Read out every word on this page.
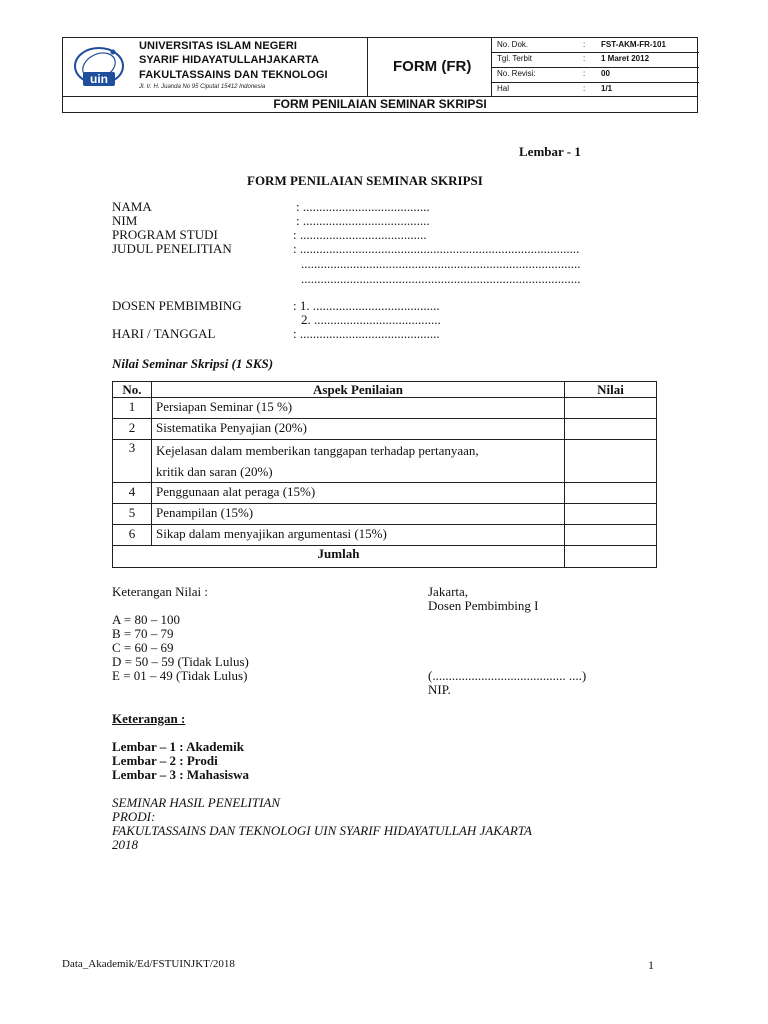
uin
UNIVERSITAS ISLAM NEGERI
SYARIF HIDAYATULLAHJAKARTA
FAKULTASSAINS DAN TEKNOLOGI
Jl. Ir. H. Juanda No 95 Ciputat 15412 Indonesia
FORM (FR)
No. Dok.	: FST-AKM-FR-101
Tgl. Terbit	: 1 Maret 2012
No. Revisi:	: 00
Hal	: 1/1
FORM PENILAIAN SEMINAR SKRIPSI
Lembar - 1
FORM PENILAIAN SEMINAR SKRIPSI
NAMA	: .......................................
NIM	: .......................................
PROGRAM STUDI	: .......................................
JUDUL PENELITIAN	: ......................................................................................
......................................................................................
......................................................................................
DOSEN PEMBIMBING	: 1. .......................................
2. .......................................
HARI / TANGGAL	: ...........................................
Nilai Seminar Skripsi (1 SKS)
No.	Aspek Penilaian	Nilai
1	Persiapan Seminar (15 %)	
2	Sistematika Penyajian (20%)	
3	Kejelasan dalam memberikan tanggapan terhadap pertanyaan,
kritik dan saran (20%)	

4	Penggunaan alat peraga (15%)	
5	Penampilan (15%)	
6	Sikap dalam menyajikan argumentasi (15%)	
Jumlah		
Keterangan Nilai :
A = 80 – 100
B = 70 – 79
C = 60 – 69
D = 50 – 59 (Tidak Lulus)
E = 01 – 49 (Tidak Lulus)
Jakarta,
Dosen Pembimbing I
(......................................... ....)
NIP.
Keterangan :
Lembar – 1 : Akademik
Lembar – 2 : Prodi
Lembar – 3 : Mahasiswa
SEMINAR HASIL PENELITIAN
PRODI:
FAKULTASSAINS DAN TEKNOLOGI UIN SYARIF HIDAYATULLAH JAKARTA
2018
Data_Akademik/Ed/FSTUINJKT/2018	1
